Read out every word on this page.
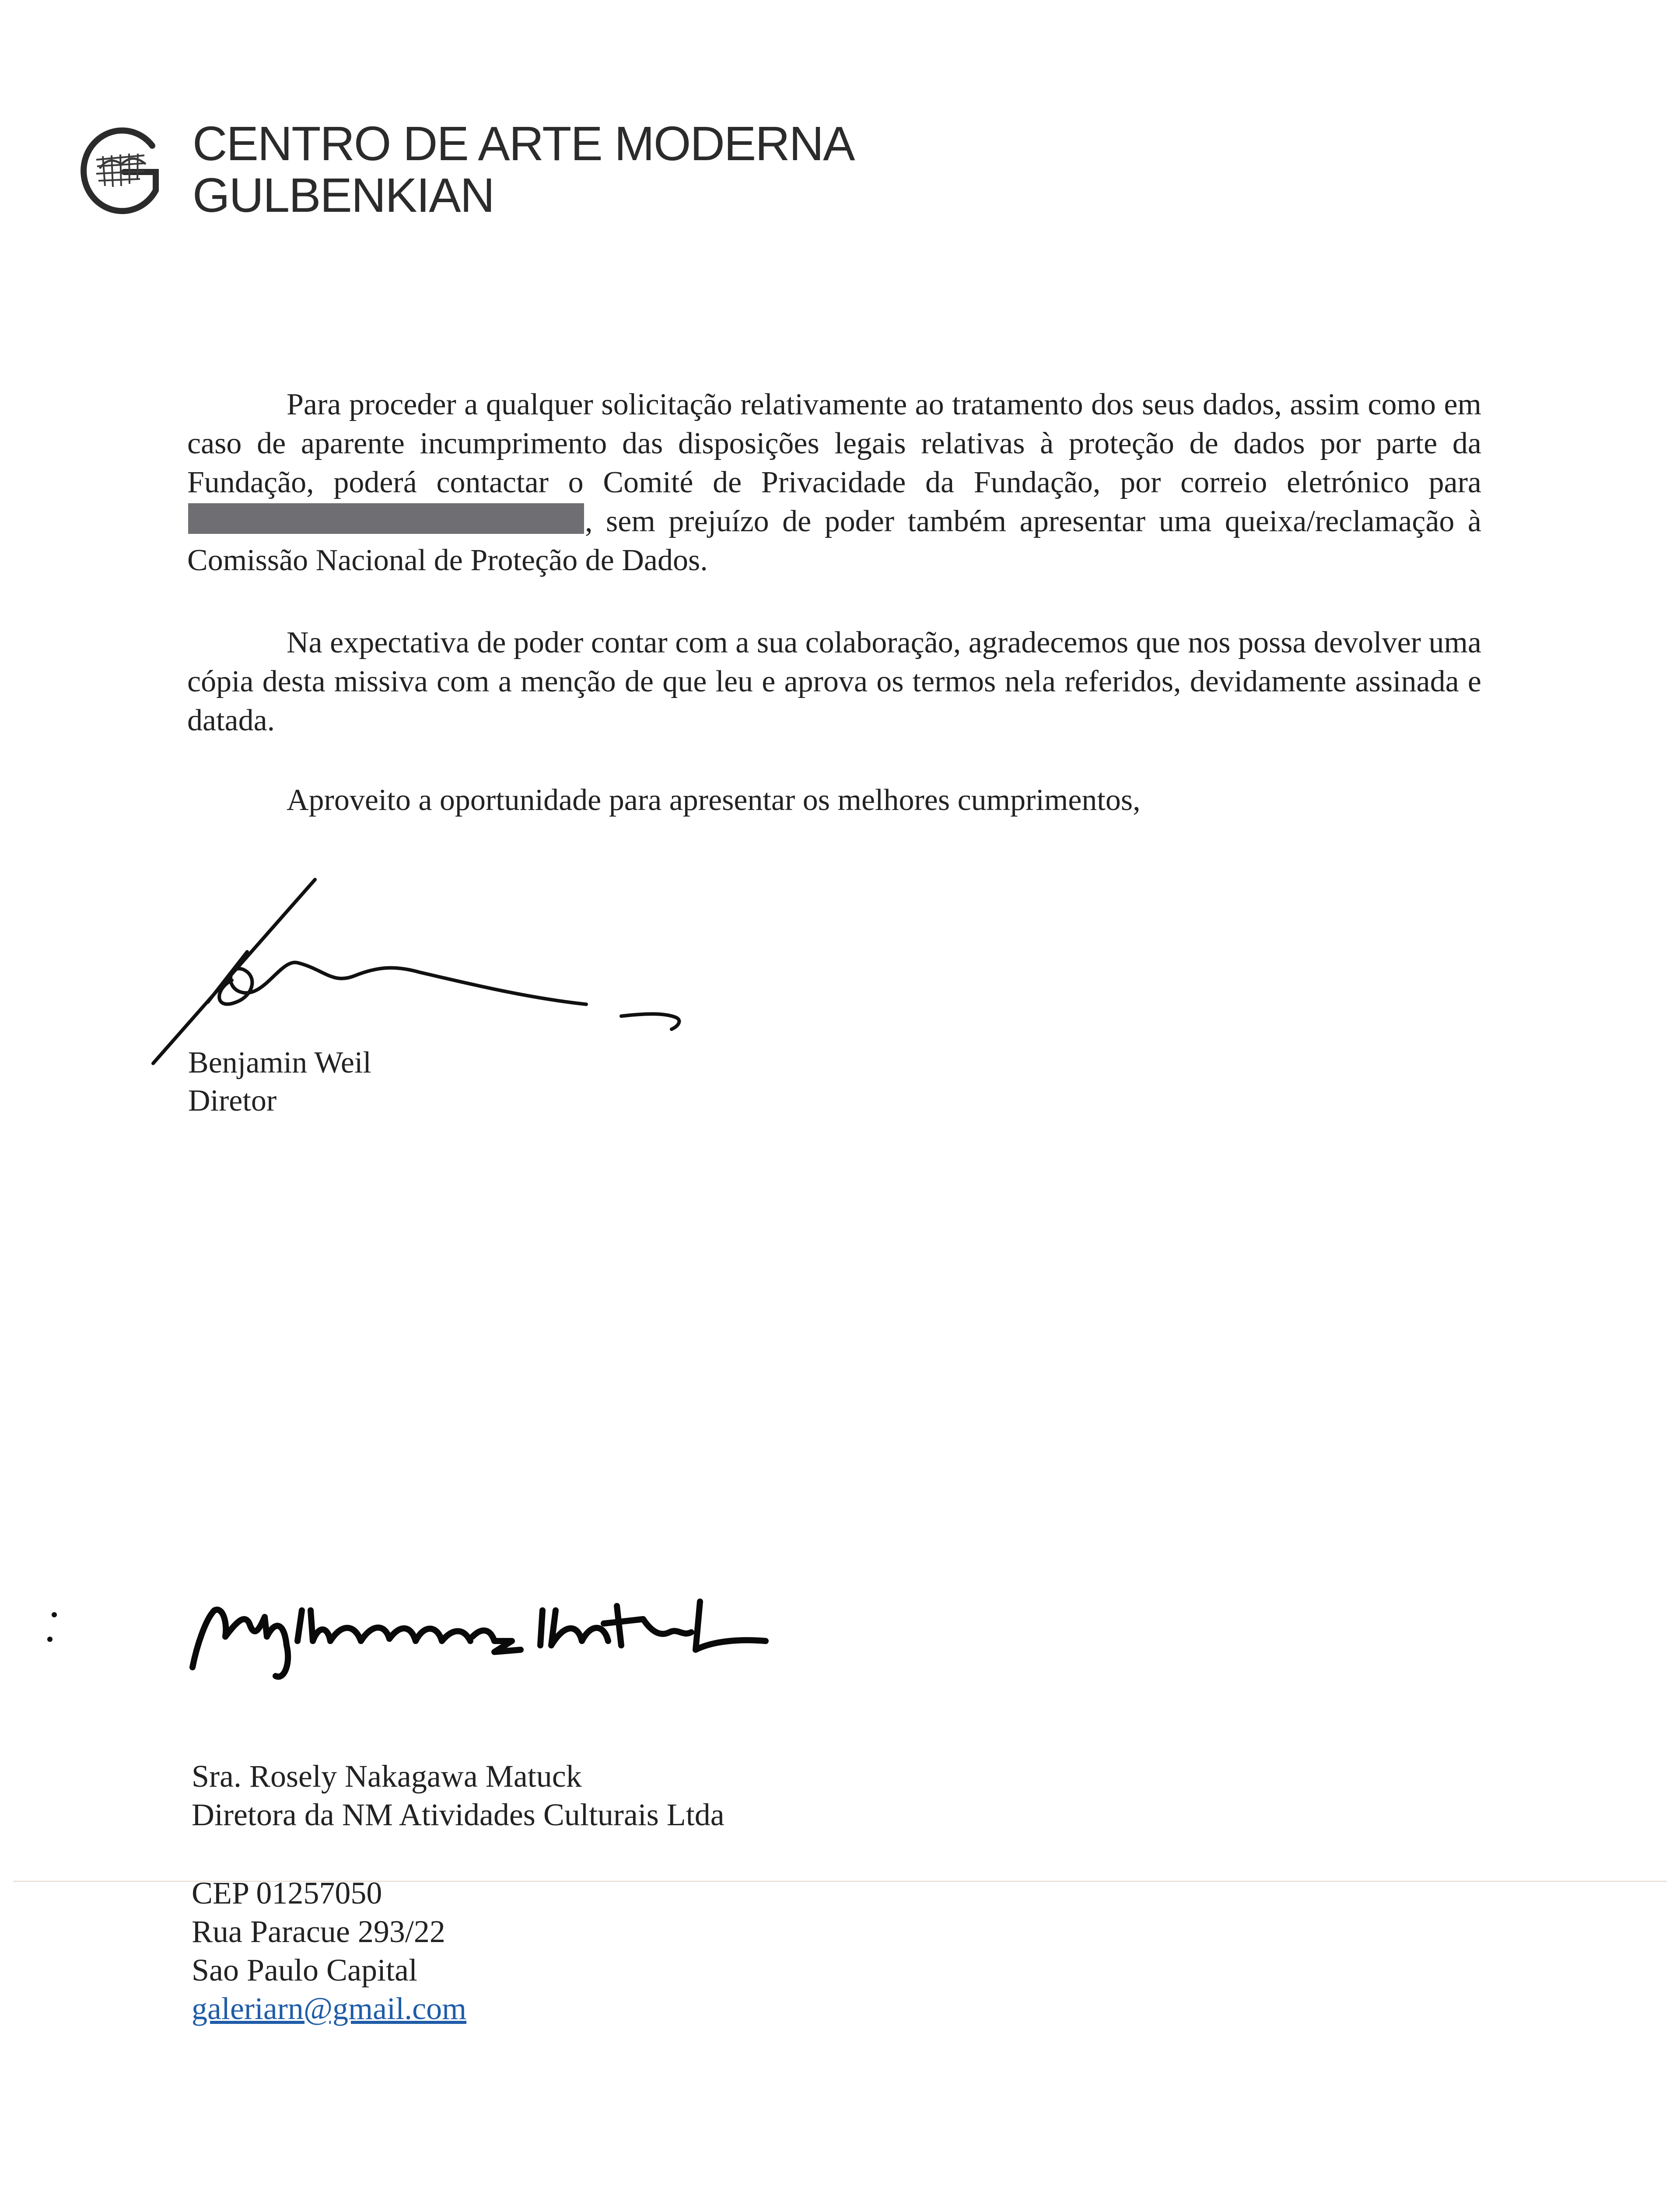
CENTRO DE ARTE MODERNA
GULBENKIAN
Para proceder a qualquer solicitação relativamente ao tratamento dos seus dados, assim como em caso de aparente incumprimento das disposições legais relativas à proteção de dados por parte da Fundação, poderá contactar o Comité de Privacidade da Fundação, por correio eletrónico para , sem prejuízo de poder também apresentar uma queixa/reclamação à Comissão Nacional de Proteção de Dados.
Na expectativa de poder contar com a sua colaboração, agradecemos que nos possa devolver uma cópia desta missiva com a menção de que leu e aprova os termos nela referidos, devidamente assinada e datada.
Aproveito a oportunidade para apresentar os melhores cumprimentos,
Benjamin Weil
Diretor
Sra. Rosely Nakagawa Matuck
Diretora da NM Atividades Culturais Ltda
CEP 01257050
Rua Paracue 293/22
Sao Paulo Capital
galeriarn@gmail.com
